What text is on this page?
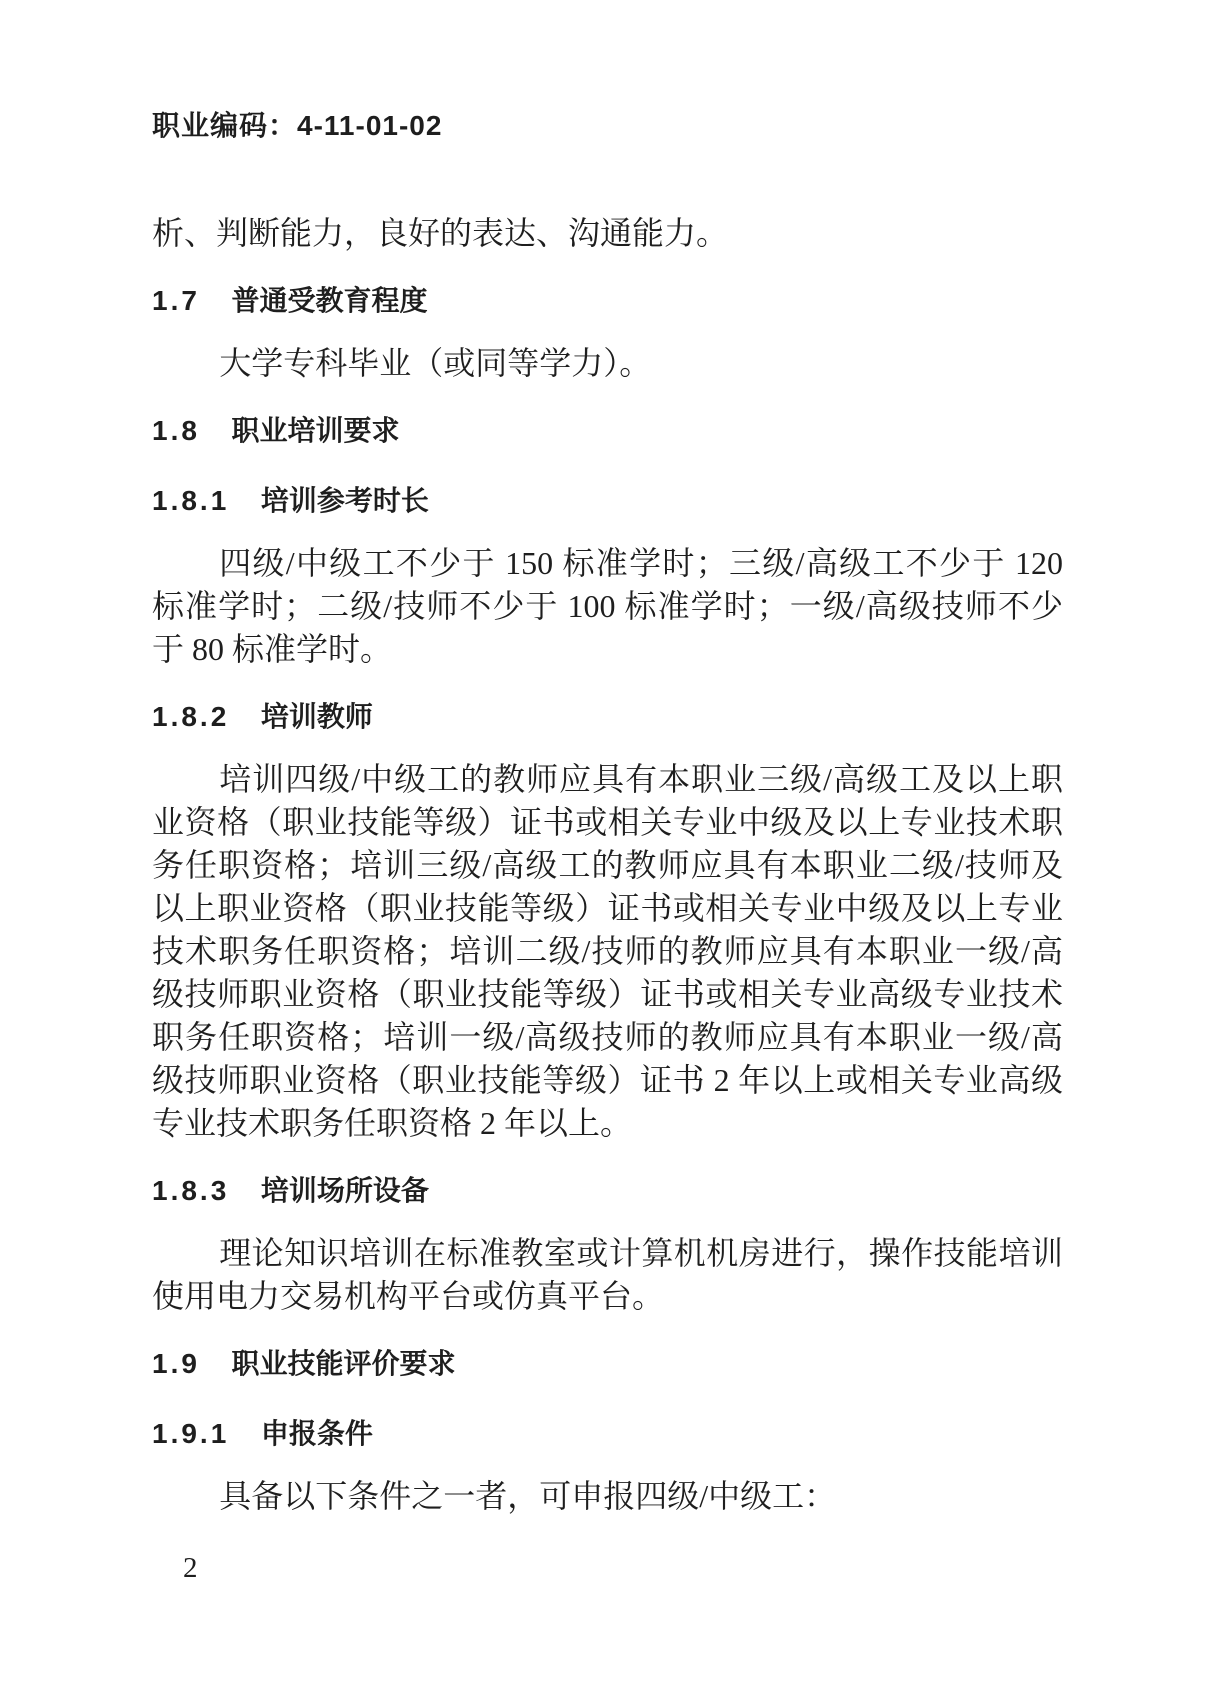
职业编码：4-11-01-02

析、判断能力，良好的表达、沟通能力。

1.7 普通受教育程度

大学专科毕业（或同等学力）。

1.8 职业培训要求
1.8.1 培训参考时长

四级/中级工不少于 150 标准学时；三级/高级工不少于 120 标准学时；二级/技师不少于 100 标准学时；一级/高级技师不少于 80 标准学时。

1.8.2 培训教师

培训四级/中级工的教师应具有本职业三级/高级工及以上职业资格（职业技能等级）证书或相关专业中级及以上专业技术职务任职资格；培训三级/高级工的教师应具有本职业二级/技师及以上职业资格（职业技能等级）证书或相关专业中级及以上专业技术职务任职资格；培训二级/技师的教师应具有本职业一级/高级技师职业资格（职业技能等级）证书或相关专业高级专业技术职务任职资格；培训一级/高级技师的教师应具有本职业一级/高级技师职业资格（职业技能等级）证书 2 年以上或相关专业高级专业技术职务任职资格 2 年以上。

1.8.3 培训场所设备

理论知识培训在标准教室或计算机机房进行，操作技能培训使用电力交易机构平台或仿真平台。

1.9 职业技能评价要求
1.9.1 申报条件

具备以下条件之一者，可申报四级/中级工：

2
